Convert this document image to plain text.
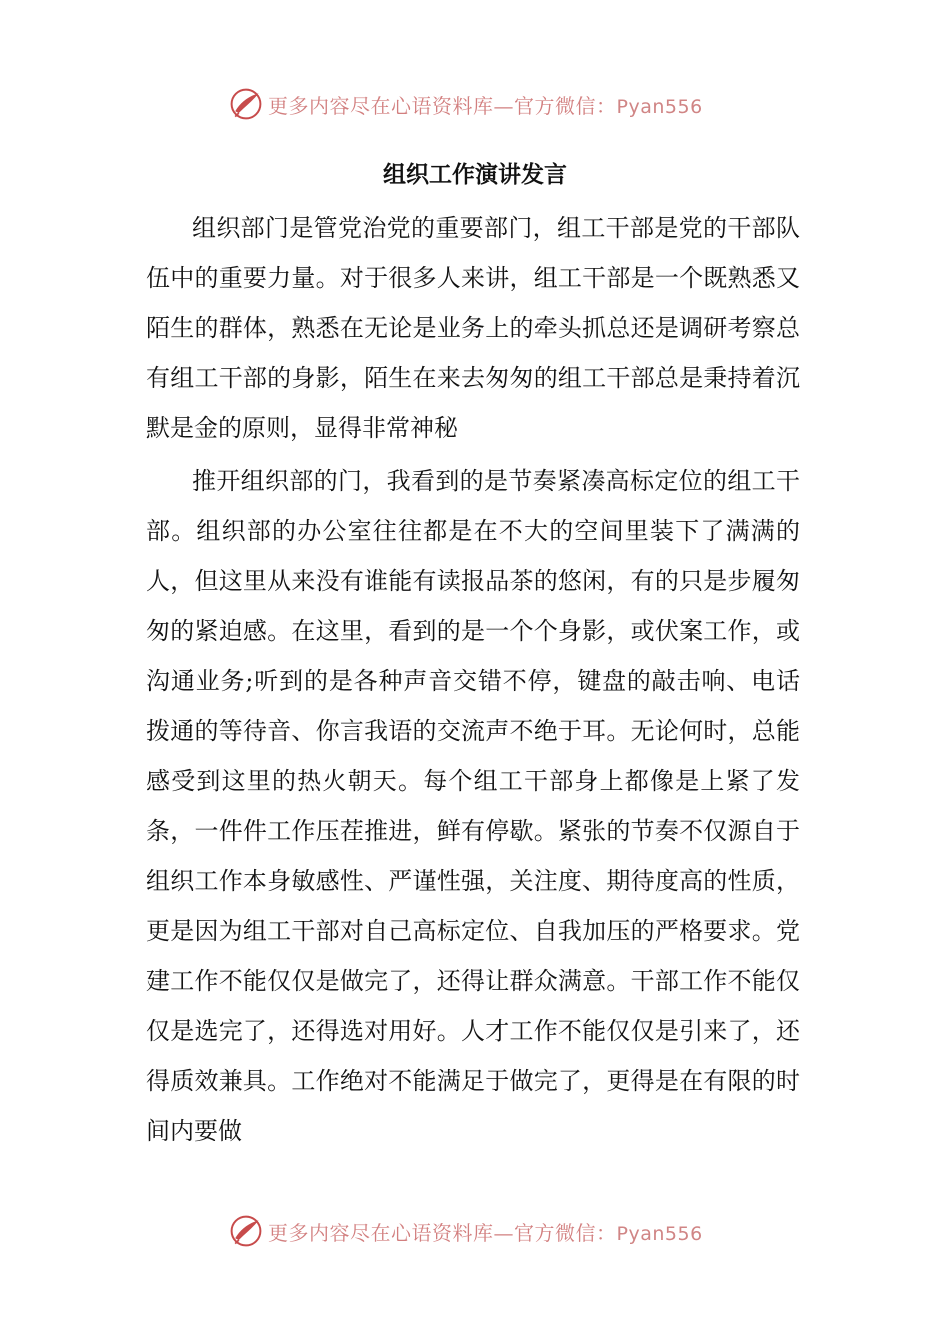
更多内容尽在心语资料库—官方微信：Pyan556
组织工作演讲发言

组织部门是管党治党的重要部门，组工干部是党的干部队伍中的重要力量。对于很多人来讲，组工干部是一个既熟悉又陌生的群体，熟悉在无论是业务上的牵头抓总还是调研考察总有组工干部的身影，陌生在来去匆匆的组工干部总是秉持着沉默是金的原则，显得非常神秘

推开组织部的门，我看到的是节奏紧凑高标定位的组工干部。组织部的办公室往往都是在不大的空间里装下了满满的人，但这里从来没有谁能有读报品茶的悠闲，有的只是步履匆匆的紧迫感。在这里，看到的是一个个身影，或伏案工作，或沟通业务;听到的是各种声音交错不停，键盘的敲击响、电话拨通的等待音、你言我语的交流声不绝于耳。无论何时，总能感受到这里的热火朝天。每个组工干部身上都像是上紧了发条，一件件工作压茬推进，鲜有停歇。紧张的节奏不仅源自于组织工作本身敏感性、严谨性强，关注度、期待度高的性质，更是因为组工干部对自己高标定位、自我加压的严格要求。党建工作不能仅仅是做完了，还得让群众满意。干部工作不能仅仅是选完了，还得选对用好。人才工作不能仅仅是引来了，还得质效兼具。工作绝对不能满足于做完了，更得是在有限的时间内要做

更多内容尽在心语资料库—官方微信：Pyan556
